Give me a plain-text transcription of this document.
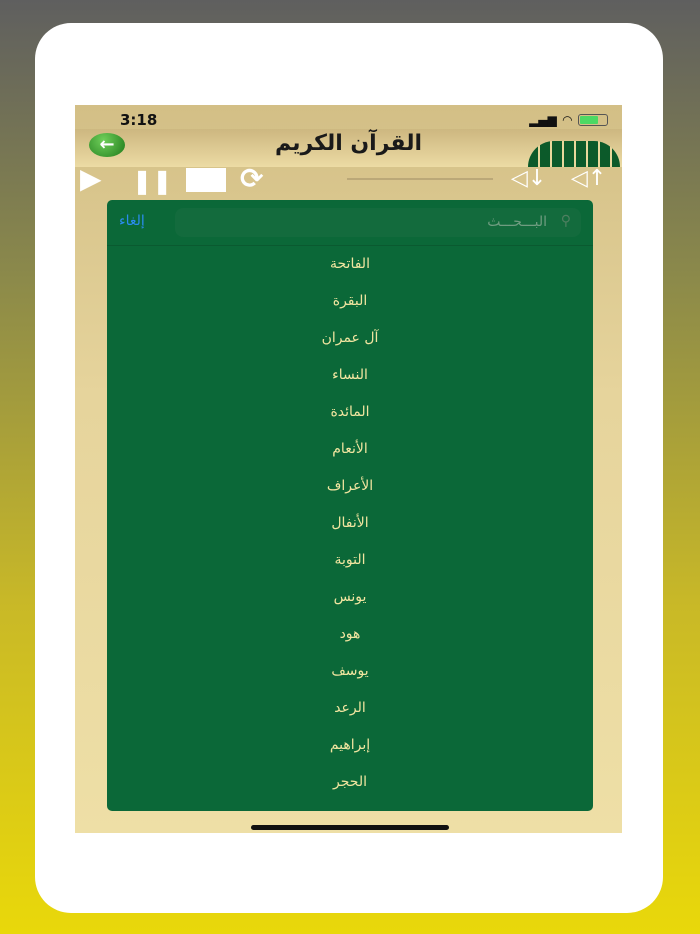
3:18	▂▄▆ ◠
←	القرآن الكريم
▶ ❚❚ ⟳	◁↓ ◁↑
إلغاء	البـــحـــث ⚲
الفاتحة
البقرة
آل عمران
النساء
المائدة
الأنعام
الأعراف
الأنفال
التوبة
يونس
هود
يوسف
الرعد
إبراهيم
الحجر
